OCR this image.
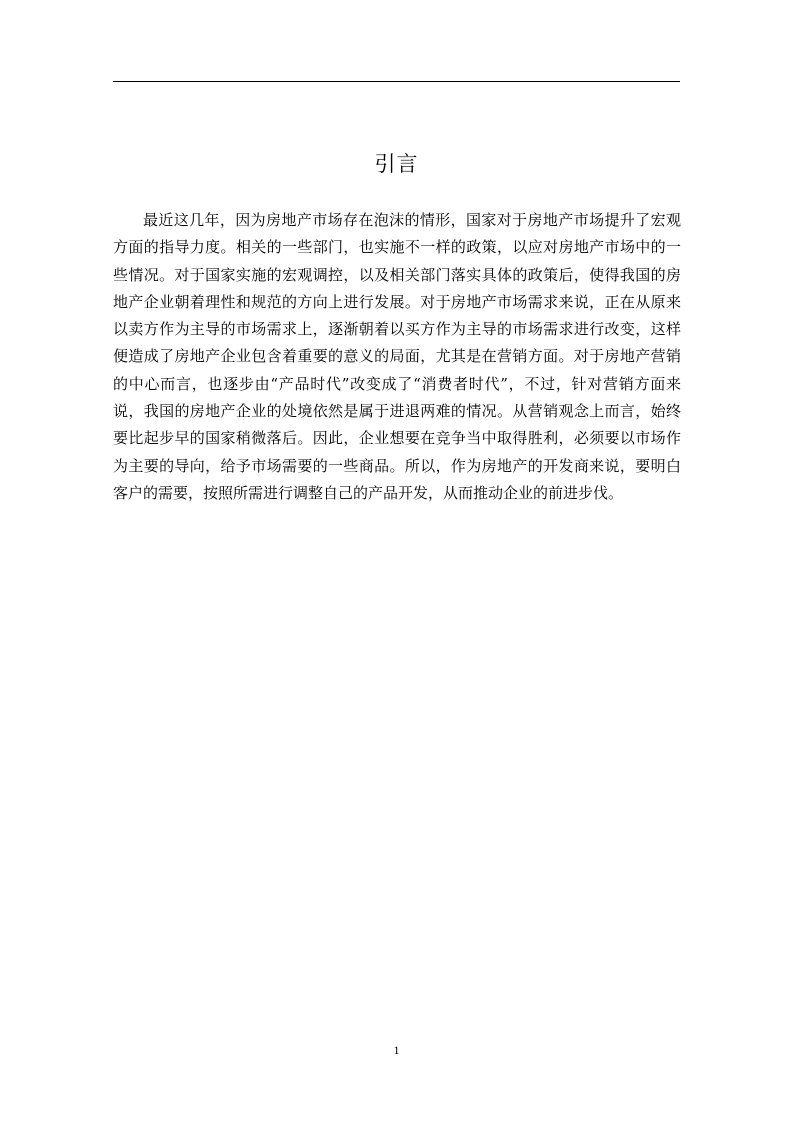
引言

最近这几年，因为房地产市场存在泡沫的情形，国家对于房地产市场提升了宏观方面的指导力度。相关的一些部门，也实施不一样的政策，以应对房地产市场中的一些情况。对于国家实施的宏观调控，以及相关部门落实具体的政策后，使得我国的房地产企业朝着理性和规范的方向上进行发展。对于房地产市场需求来说，正在从原来以卖方作为主导的市场需求上，逐渐朝着以买方作为主导的市场需求进行改变，这样便造成了房地产企业包含着重要的意义的局面，尤其是在营销方面。对于房地产营销的中心而言，也逐步由“产品时代”改变成了“消费者时代”，不过，针对营销方面来说，我国的房地产企业的处境依然是属于进退两难的情况。从营销观念上而言，始终要比起步早的国家稍微落后。因此，企业想要在竞争当中取得胜利，必须要以市场作为主要的导向，给予市场需要的一些商品。所以，作为房地产的开发商来说，要明白客户的需要，按照所需进行调整自己的产品开发，从而推动企业的前进步伐。

1
